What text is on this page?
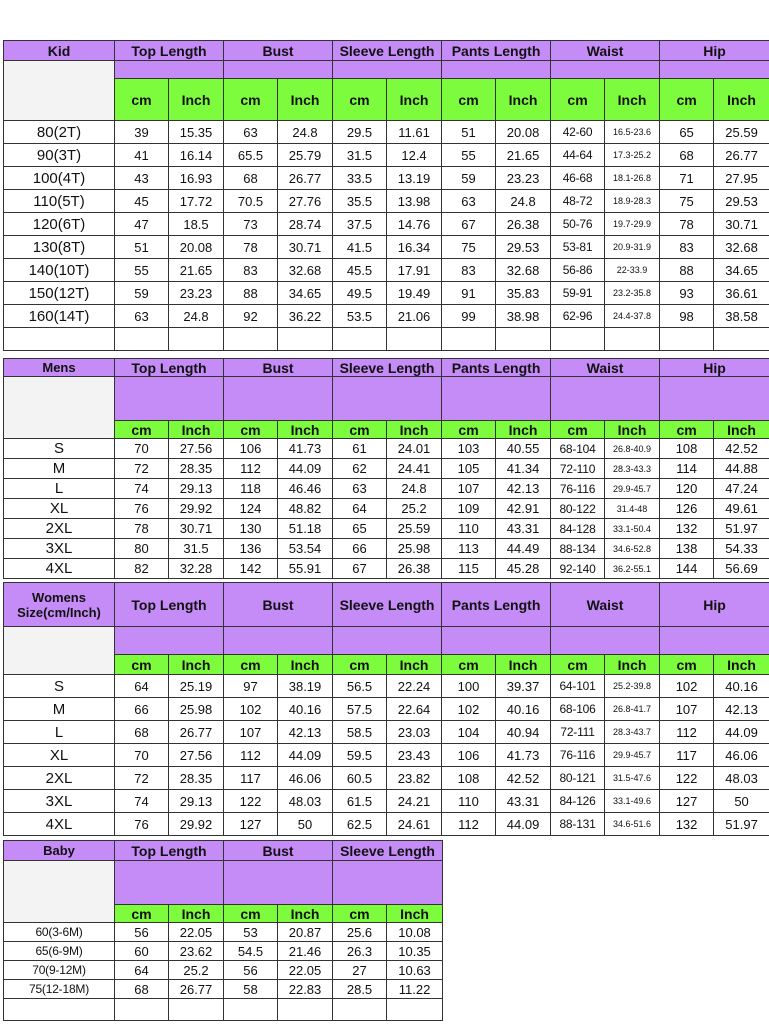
Kid	Top Length		Bust		Sleeve Length		Pants Length		Waist		Hip	

	cm	Inch	cm	Inch	cm	Inch	cm	Inch	cm	Inch	cm	Inch
80(2T)	39	15.35	63	24.8	29.5	11.61	51	20.08	42-60	16.5-23.6	65	25.59
90(3T)	41	16.14	65.5	25.79	31.5	12.4	55	21.65	44-64	17.3-25.2	68	26.77
100(4T)	43	16.93	68	26.77	33.5	13.19	59	23.23	46-68	18.1-26.8	71	27.95
110(5T)	45	17.72	70.5	27.76	35.5	13.98	63	24.8	48-72	18.9-28.3	75	29.53
120(6T)	47	18.5	73	28.74	37.5	14.76	67	26.38	50-76	19.7-29.9	78	30.71
130(8T)	51	20.08	78	30.71	41.5	16.34	75	29.53	53-81	20.9-31.9	83	32.68
140(10T)	55	21.65	83	32.68	45.5	17.91	83	32.68	56-86	22-33.9	88	34.65
150(12T)	59	23.23	88	34.65	49.5	19.49	91	35.83	59-91	23.2-35.8	93	36.61
160(14T)	63	24.8	92	36.22	53.5	21.06	99	38.98	62-96	24.4-37.8	98	38.58

Mens	Top Length		Bust		Sleeve Length		Pants Length		Waist		Hip	

	cm	Inch	cm	Inch	cm	Inch	cm	Inch	cm	Inch	cm	Inch
S	70	27.56	106	41.73	61	24.01	103	40.55	68-104	26.8-40.9	108	42.52
M	72	28.35	112	44.09	62	24.41	105	41.34	72-110	28.3-43.3	114	44.88
L	74	29.13	118	46.46	63	24.8	107	42.13	76-116	29.9-45.7	120	47.24
XL	76	29.92	124	48.82	64	25.2	109	42.91	80-122	31.4-48	126	49.61
2XL	78	30.71	130	51.18	65	25.59	110	43.31	84-128	33.1-50.4	132	51.97
3XL	80	31.5	136	53.54	66	25.98	113	44.49	88-134	34.6-52.8	138	54.33
4XL	82	32.28	142	55.91	67	26.38	115	45.28	92-140	36.2-55.1	144	56.69
Womens
Size(cm/Inch)	Top Length		Bust		Sleeve Length		Pants Length		Waist		Hip	

	cm	Inch	cm	Inch	cm	Inch	cm	Inch	cm	Inch	cm	Inch
S	64	25.19	97	38.19	56.5	22.24	100	39.37	64-101	25.2-39.8	102	40.16
M	66	25.98	102	40.16	57.5	22.64	102	40.16	68-106	26.8-41.7	107	42.13
L	68	26.77	107	42.13	58.5	23.03	104	40.94	72-111	28.3-43.7	112	44.09
XL	70	27.56	112	44.09	59.5	23.43	106	41.73	76-116	29.9-45.7	117	46.06
2XL	72	28.35	117	46.06	60.5	23.82	108	42.52	80-121	31.5-47.6	122	48.03
3XL	74	29.13	122	48.03	61.5	24.21	110	43.31	84-126	33.1-49.6	127	50
4XL	76	29.92	127	50	62.5	24.61	112	44.09	88-131	34.6-51.6	132	51.97
Baby	Top Length		Bust		Sleeve Length	

	cm	Inch	cm	Inch	cm	Inch
60(3-6M)	56	22.05	53	20.87	25.6	10.08
65(6-9M)	60	23.62	54.5	21.46	26.3	10.35
70(9-12M)	64	25.2	56	22.05	27	10.63
75(12-18M)	68	26.77	58	22.83	28.5	11.22
